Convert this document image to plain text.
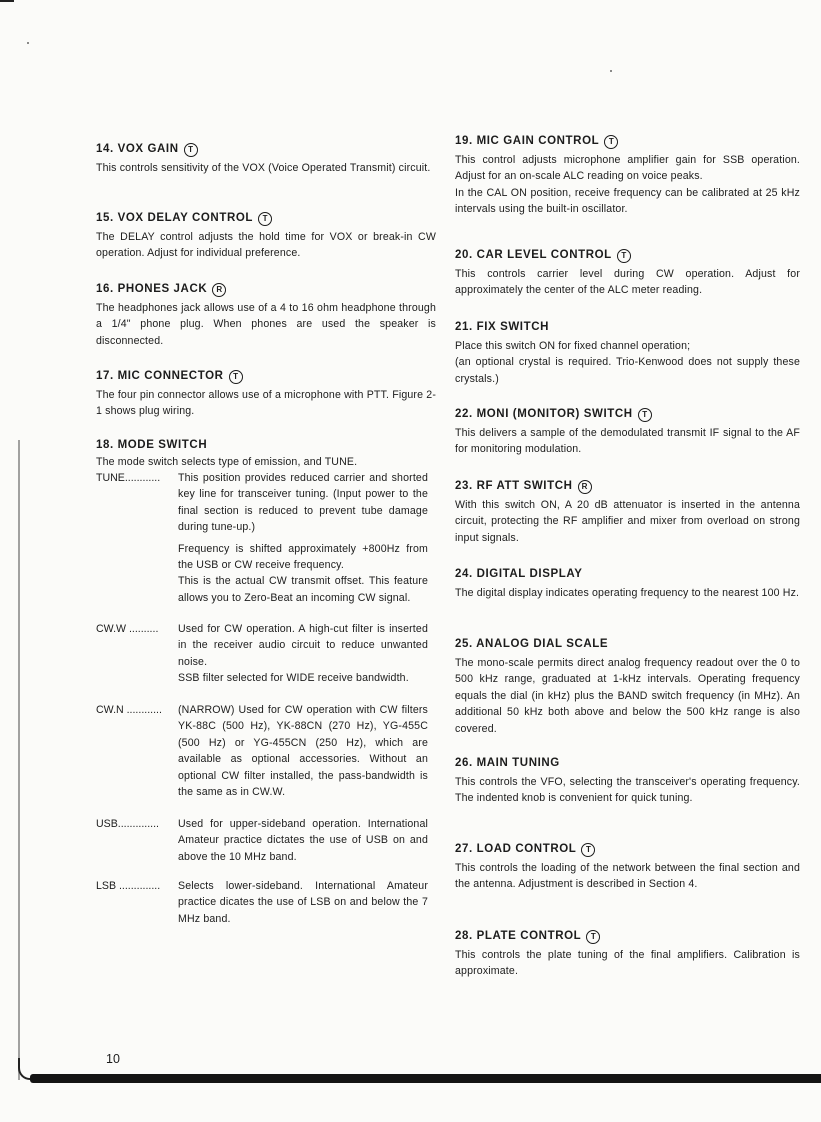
14. VOX GAIN T

This controls sensitivity of the VOX (Voice Operated Transmit) circuit.

15. VOX DELAY CONTROL T

The DELAY control adjusts the hold time for VOX or break-in CW operation. Adjust for individual preference.

16. PHONES JACK R

The headphones jack allows use of a 4 to 16 ohm headphone through a 1/4" phone plug. When phones are used the speaker is disconnected.

17. MIC CONNECTOR T

The four pin connector allows use of a microphone with PTT. Figure 2-1 shows plug wiring.

18. MODE SWITCH

The mode switch selects type of emission, and TUNE.

TUNE............	This position provides reduced carrier and shorted key line for transceiver tuning. (Input power to the final section is reduced to prevent tube damage during tune-up.)

Frequency is shifted approximately +800Hz from the USB or CW receive frequency.

This is the actual CW transmit offset. This feature allows you to Zero-Beat an incoming CW signal.

CW.W ..........	Used for CW operation. A high-cut filter is inserted in the receiver audio circuit to reduce unwanted noise.

SSB filter selected for WIDE receive bandwidth.

CW.N ............	(NARROW) Used for CW operation with CW filters YK-88C (500 Hz), YK-88CN (270 Hz), YG-455C (500 Hz) or YG-455CN (250 Hz), which are available as optional accessories. Without an optional CW filter installed, the pass-bandwidth is the same as in CW.W.

USB..............	Used for upper-sideband operation. International Amateur practice dictates the use of USB on and above the 10 MHz band.

LSB ..............	Selects lower-sideband. International Amateur practice dicates the use of LSB on and below the 7 MHz band.

19. MIC GAIN CONTROL T

This control adjusts microphone amplifier gain for SSB operation. Adjust for an on-scale ALC reading on voice peaks.

In the CAL ON position, receive frequency can be calibrated at 25 kHz intervals using the built-in oscillator.

20. CAR LEVEL CONTROL T

This controls carrier level during CW operation. Adjust for approximately the center of the ALC meter reading.

21. FIX SWITCH

Place this switch ON for fixed channel operation;

(an optional crystal is required. Trio-Kenwood does not supply these crystals.)

22. MONI (MONITOR) SWITCH T

This delivers a sample of the demodulated transmit IF signal to the AF for monitoring modulation.

23. RF ATT SWITCH R

With this switch ON, A 20 dB attenuator is inserted in the antenna circuit, protecting the RF amplifier and mixer from overload on strong input signals.

24. DIGITAL DISPLAY

The digital display indicates operating frequency to the nearest 100 Hz.

25. ANALOG DIAL SCALE

The mono-scale permits direct analog frequency readout over the 0 to 500 kHz range, graduated at 1-kHz intervals. Operating frequency equals the dial (in kHz) plus the BAND switch frequency (in MHz). An additional 50 kHz both above and below the 500 kHz range is also covered.

26. MAIN TUNING

This controls the VFO, selecting the transceiver's operating frequency. The indented knob is convenient for quick tuning.

27. LOAD CONTROL T

This controls the loading of the network between the final section and the antenna. Adjustment is described in Section 4.

28. PLATE CONTROL T

This controls the plate tuning of the final amplifiers. Calibration is approximate.

10
